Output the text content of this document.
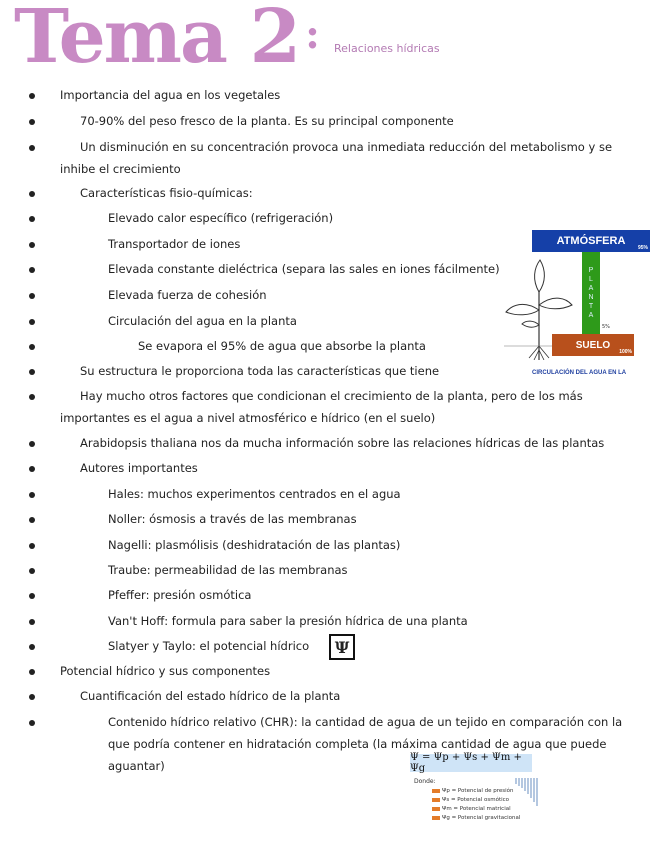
Tema 2 : Relaciones hídricas
Importancia del agua en los vegetales
70-90% del peso fresco de la planta. Es su principal componente
Un disminución en su concentración provoca una inmediata reducción del metabolismo y se
inhibe el crecimiento
Características fisio-químicas:
Elevado calor específico (refrigeración)
Transportador de iones
Elevada constante dieléctrica (separa las sales en iones fácilmente)
Elevada fuerza de cohesión
Circulación del agua en la planta
Se evapora el 95% de agua que absorbe la planta
Su estructura le proporciona toda las características que tiene
Hay mucho otros factores que condicionan el crecimiento de la planta, pero de los más
importantes es el agua a nivel atmosférico e hídrico (en el suelo)
Arabidopsis thaliana nos da mucha información sobre las relaciones hídricas de las plantas
Autores importantes
Hales: muchos experimentos centrados en el agua
Noller: ósmosis a través de las membranas
Nagelli: plasmólisis (deshidratación de las plantas)
Traube: permeabilidad de las membranas
Pfeffer: presión osmótica
Van't Hoff: formula para saber la presión hídrica de una planta
Slatyer y Taylo: el potencial hídrico
Potencial hídrico y sus componentes
Cuantificación del estado hídrico de la planta
Contenido hídrico relativo (CHR): la cantidad de agua de un tejido en comparación con la
que podría contener en hidratación completa (la máxima cantidad de agua que puede
aguantar)
Ψ
ATMÓSFERA
95%
P
L
A
N
T
A
5%
SUELO
100%
CIRCULACIÓN DEL AGUA EN LA
Ψ = Ψp + Ψs + Ψm + Ψg
Donde:
Ψp = Potencial de presión
Ψs = Potencial osmótico
Ψm = Potencial matricial
Ψg = Potencial gravitacional
